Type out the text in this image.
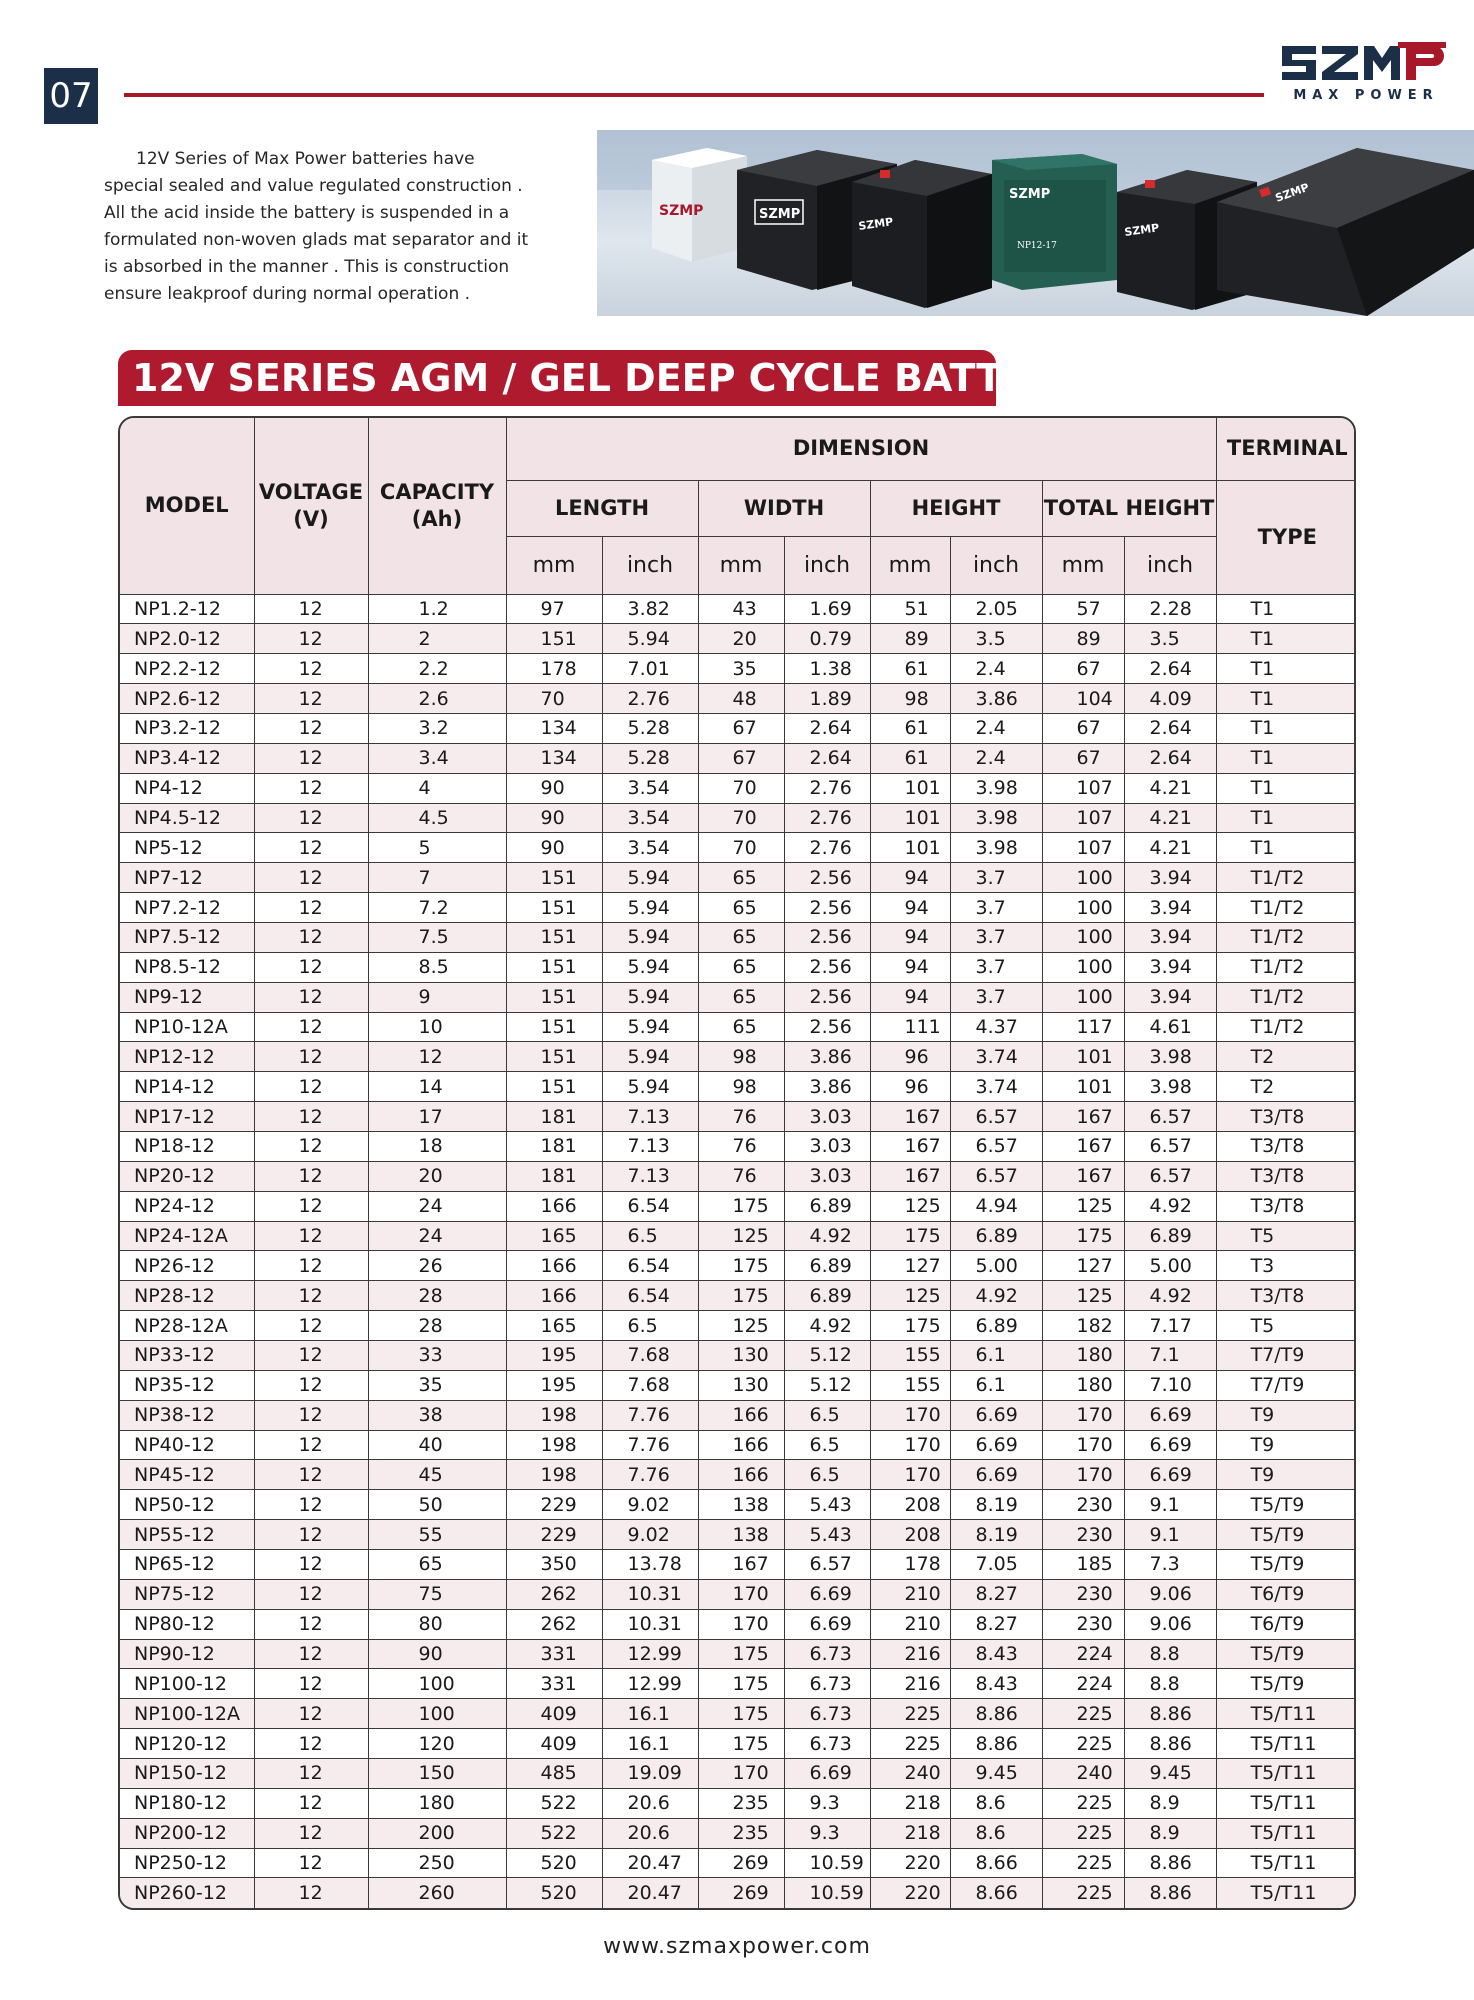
07	MAX POWER

12V Series of Max Power batteries have special sealed and value regulated construction . All the acid inside the battery is suspended in a formulated non-woven glads mat separator and it is absorbed in the manner . This is construction ensure leakproof during normal operation .

SZMP	SZMP
SZMP
SZMP
NP12-17
SZMP
SZMP
12V SERIES AGM / GEL DEEP CYCLE BATTERY
MODEL	VOLTAGE (V)	CAPACITY (Ah)	DIMENSION								TERMINAL
			LENGTH		WIDTH		HEIGHT		TOTAL HEIGHT		TYPE
			mm	inch	mm	inch	mm	inch	mm	inch	
NP1.2-12	12	1.2	97	3.82	43	1.69	51	2.05	57	2.28	T1
NP2.0-12	12	2	151	5.94	20	0.79	89	3.5	89	3.5	T1
NP2.2-12	12	2.2	178	7.01	35	1.38	61	2.4	67	2.64	T1
NP2.6-12	12	2.6	70	2.76	48	1.89	98	3.86	104	4.09	T1
NP3.2-12	12	3.2	134	5.28	67	2.64	61	2.4	67	2.64	T1
NP3.4-12	12	3.4	134	5.28	67	2.64	61	2.4	67	2.64	T1
NP4-12	12	4	90	3.54	70	2.76	101	3.98	107	4.21	T1
NP4.5-12	12	4.5	90	3.54	70	2.76	101	3.98	107	4.21	T1
NP5-12	12	5	90	3.54	70	2.76	101	3.98	107	4.21	T1
NP7-12	12	7	151	5.94	65	2.56	94	3.7	100	3.94	T1/T2
NP7.2-12	12	7.2	151	5.94	65	2.56	94	3.7	100	3.94	T1/T2
NP7.5-12	12	7.5	151	5.94	65	2.56	94	3.7	100	3.94	T1/T2
NP8.5-12	12	8.5	151	5.94	65	2.56	94	3.7	100	3.94	T1/T2
NP9-12	12	9	151	5.94	65	2.56	94	3.7	100	3.94	T1/T2
NP10-12A	12	10	151	5.94	65	2.56	111	4.37	117	4.61	T1/T2
NP12-12	12	12	151	5.94	98	3.86	96	3.74	101	3.98	T2
NP14-12	12	14	151	5.94	98	3.86	96	3.74	101	3.98	T2
NP17-12	12	17	181	7.13	76	3.03	167	6.57	167	6.57	T3/T8
NP18-12	12	18	181	7.13	76	3.03	167	6.57	167	6.57	T3/T8
NP20-12	12	20	181	7.13	76	3.03	167	6.57	167	6.57	T3/T8
NP24-12	12	24	166	6.54	175	6.89	125	4.94	125	4.92	T3/T8
NP24-12A	12	24	165	6.5	125	4.92	175	6.89	175	6.89	T5
NP26-12	12	26	166	6.54	175	6.89	127	5.00	127	5.00	T3
NP28-12	12	28	166	6.54	175	6.89	125	4.92	125	4.92	T3/T8
NP28-12A	12	28	165	6.5	125	4.92	175	6.89	182	7.17	T5
NP33-12	12	33	195	7.68	130	5.12	155	6.1	180	7.1	T7/T9
NP35-12	12	35	195	7.68	130	5.12	155	6.1	180	7.10	T7/T9
NP38-12	12	38	198	7.76	166	6.5	170	6.69	170	6.69	T9
NP40-12	12	40	198	7.76	166	6.5	170	6.69	170	6.69	T9
NP45-12	12	45	198	7.76	166	6.5	170	6.69	170	6.69	T9
NP50-12	12	50	229	9.02	138	5.43	208	8.19	230	9.1	T5/T9
NP55-12	12	55	229	9.02	138	5.43	208	8.19	230	9.1	T5/T9
NP65-12	12	65	350	13.78	167	6.57	178	7.05	185	7.3	T5/T9
NP75-12	12	75	262	10.31	170	6.69	210	8.27	230	9.06	T6/T9
NP80-12	12	80	262	10.31	170	6.69	210	8.27	230	9.06	T6/T9
NP90-12	12	90	331	12.99	175	6.73	216	8.43	224	8.8	T5/T9
NP100-12	12	100	331	12.99	175	6.73	216	8.43	224	8.8	T5/T9
NP100-12A	12	100	409	16.1	175	6.73	225	8.86	225	8.86	T5/T11
NP120-12	12	120	409	16.1	175	6.73	225	8.86	225	8.86	T5/T11
NP150-12	12	150	485	19.09	170	6.69	240	9.45	240	9.45	T5/T11
NP180-12	12	180	522	20.6	235	9.3	218	8.6	225	8.9	T5/T11
NP200-12	12	200	522	20.6	235	9.3	218	8.6	225	8.9	T5/T11
NP250-12	12	250	520	20.47	269	10.59	220	8.66	225	8.86	T5/T11
NP260-12	12	260	520	20.47	269	10.59	220	8.66	225	8.86	T5/T11
www.szmaxpower.com
